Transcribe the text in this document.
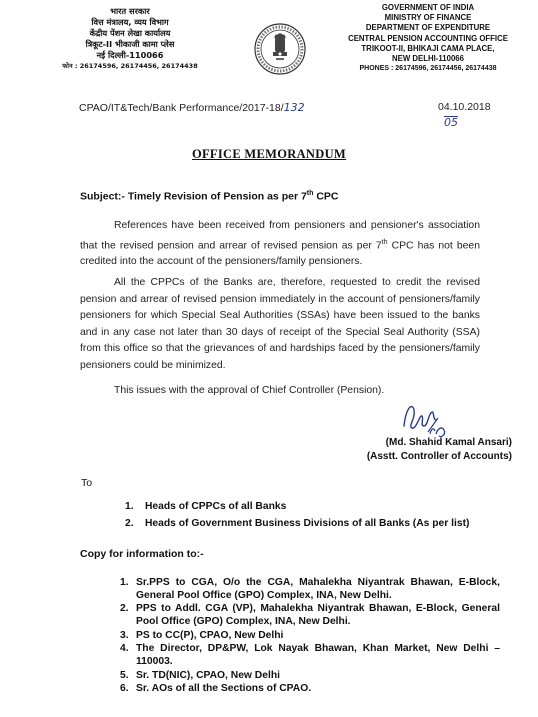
भारत सरकार
वित्त मंत्रालय, व्यय विभाग
केंद्रीय पेंशन लेखा कार्यालय
त्रिकूट-II भीकाजी कामा प्लेस
नई दिल्ली-110066
फोन : 26174596, 26174456, 26174438
GOVERNMENT OF INDIA
MINISTRY OF FINANCE
DEPARTMENT OF EXPENDITURE
CENTRAL PENSION ACCOUNTING OFFICE
TRIKOOT-II, BHIKAJI CAMA PLACE,
NEW DELHI-110066
PHONES : 26174596, 26174456, 26174438
CPAO/IT&Tech/Bank Performance/2017-18/132	04.10.2018
05
OFFICE MEMORANDUM
Subject:- Timely Revision of Pension as per 7th CPC
References have been received from pensioners and pensioner's association that the revised pension and arrear of revised pension as per 7th CPC has not been credited into the account of the pensioners/family pensioners.
All the CPPCs of the Banks are, therefore, requested to credit the revised pension and arrear of revised pension immediately in the account of pensioners/family pensioners for which Special Seal Authorities (SSAs) have been issued to the banks and in any case not later than 30 days of receipt of the Special Seal Authority (SSA) from this office so that the grievances of and hardships faced by the pensioners/family pensioners could be minimized.
This issues with the approval of Chief Controller (Pension).
(Md. Shahid Kamal Ansari)
(Asstt. Controller of Accounts)
To
1. Heads of CPPCs of all Banks
2. Heads of Government Business Divisions of all Banks (As per list)
Copy for information to:-
1. Sr.PPS to CGA, O/o the CGA, Mahalekha Niyantrak Bhawan, E-Block, General Pool Office (GPO) Complex, INA, New Delhi.
2. PPS to Addl. CGA (VP), Mahalekha Niyantrak Bhawan, E-Block, General Pool Office (GPO) Complex, INA, New Delhi.
3. PS to CC(P), CPAO, New Delhi
4. The Director, DP&PW, Lok Nayak Bhawan, Khan Market, New Delhi – 110003.
5. Sr. TD(NIC), CPAO, New Delhi
6. Sr. AOs of all the Sections of CPAO.
